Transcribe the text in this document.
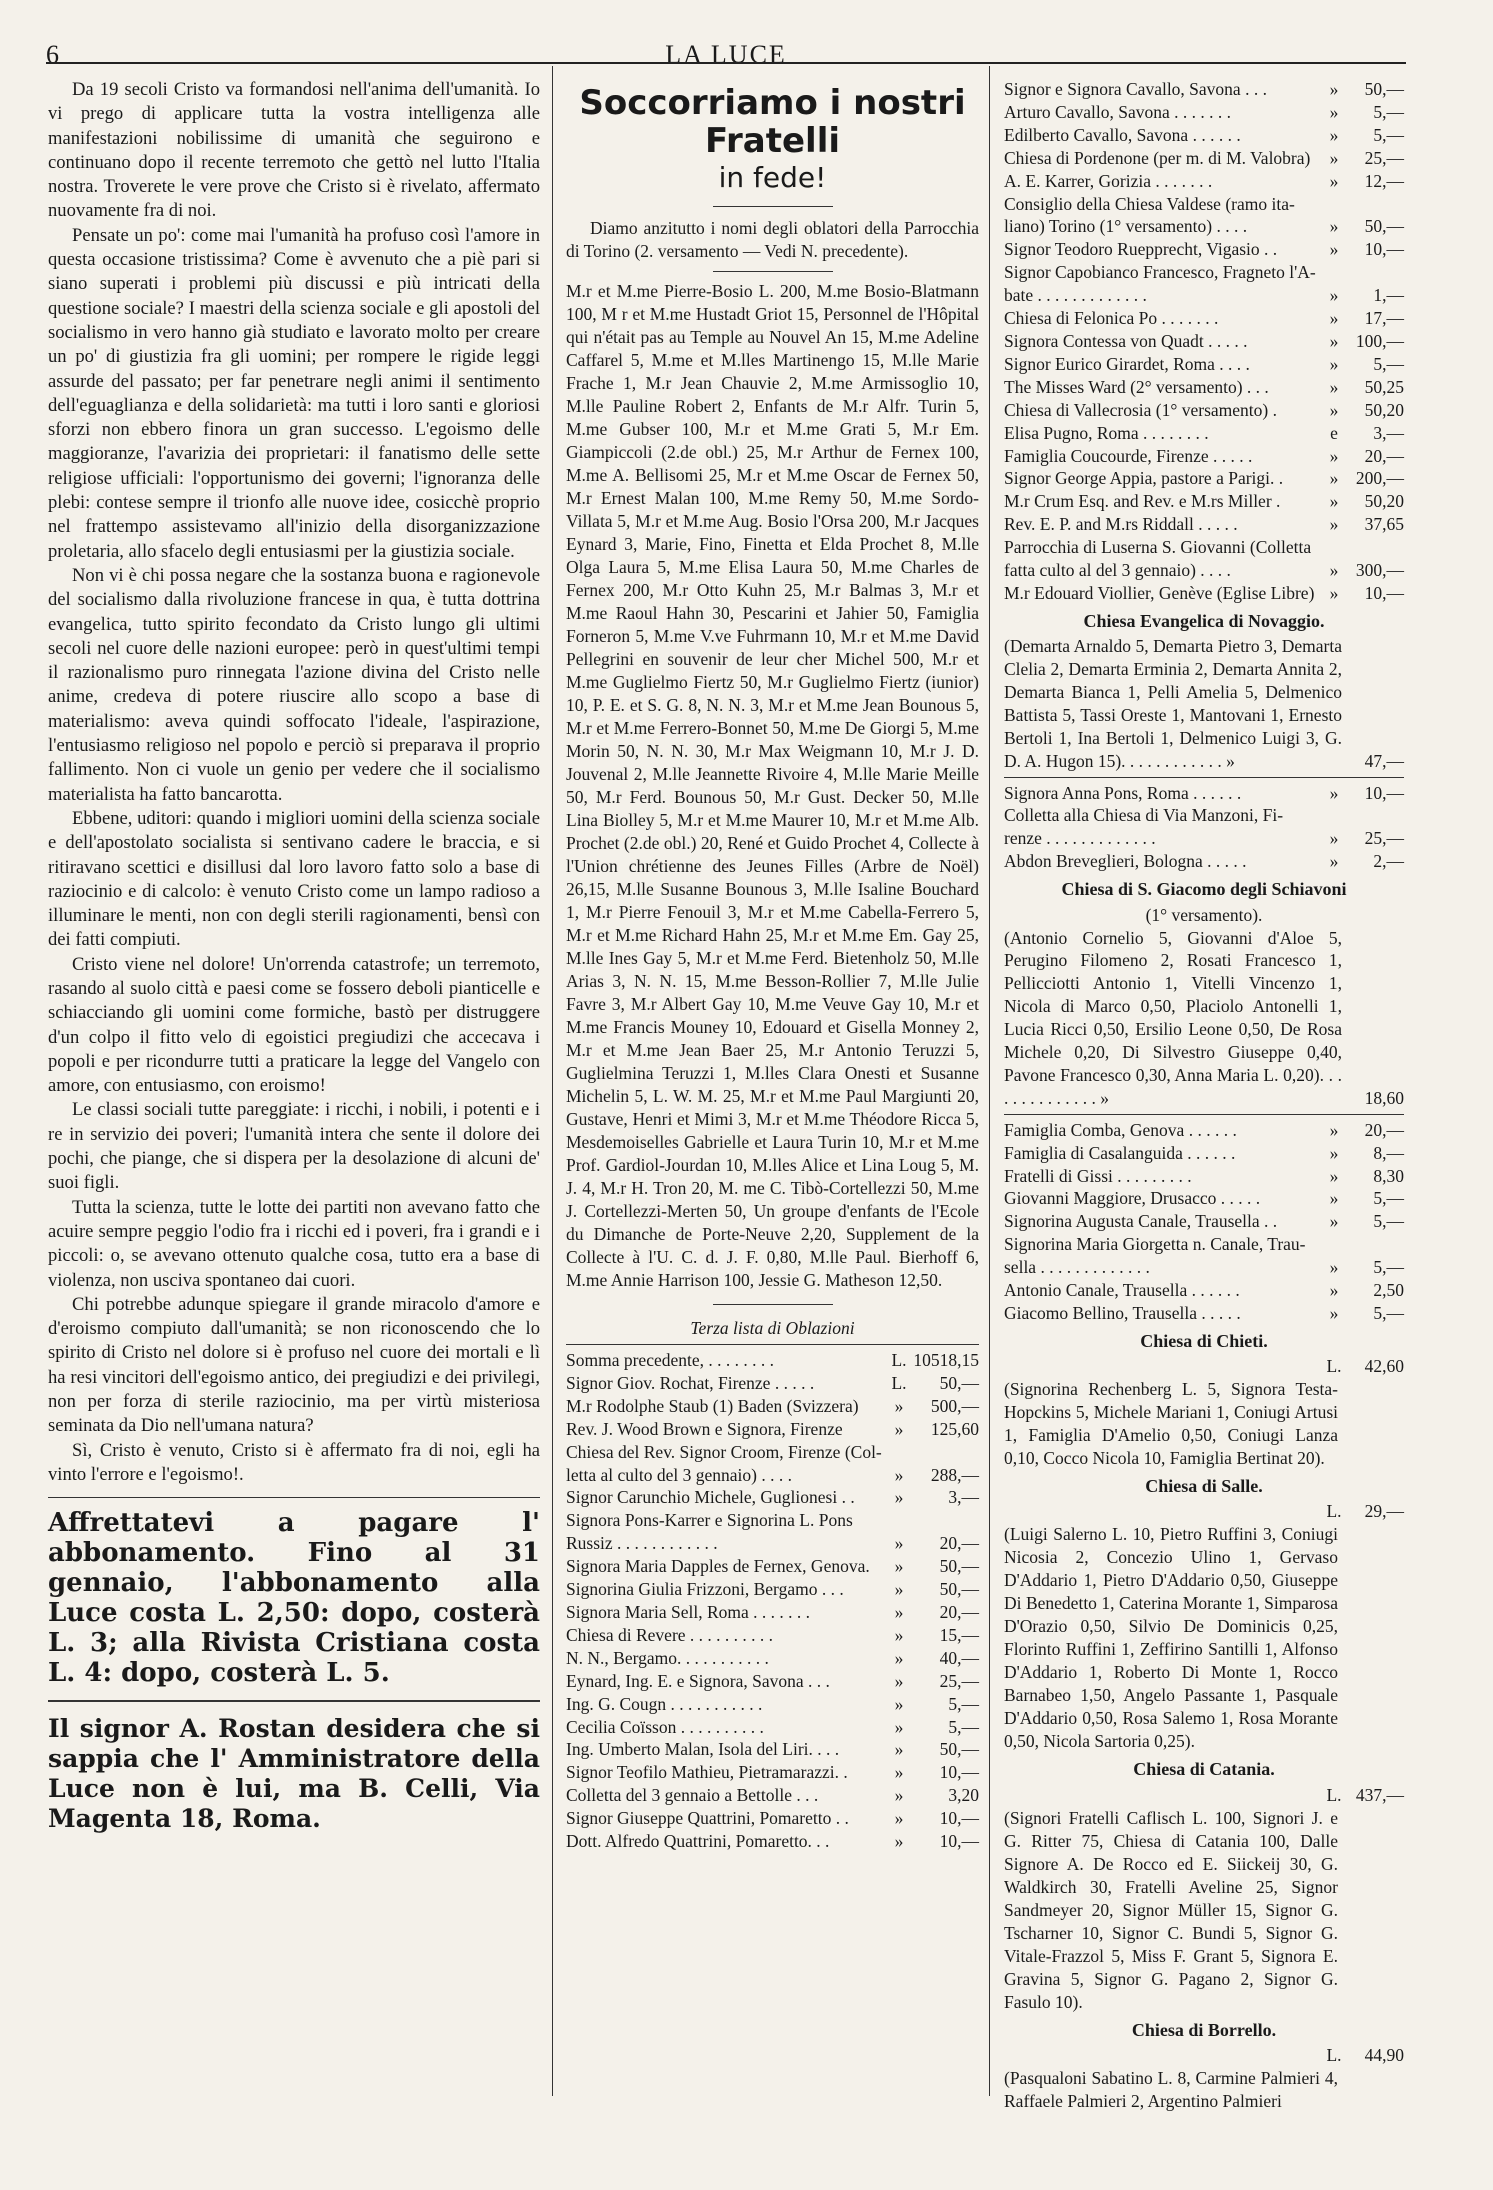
6	LA LUCE

Da 19 secoli Cristo va formandosi nell'anima dell'umanità. Io vi prego di applicare tutta la vostra intelligenza alle manifestazioni nobilissime di umanità che seguirono e continuano dopo il recente terremoto che gettò nel lutto l'Italia nostra. Troverete le vere prove che Cristo si è rivelato, affermato nuovamente fra di noi.

Pensate un po': come mai l'umanità ha profuso così l'amore in questa occasione tristissima? Come è avvenuto che a piè pari si siano superati i problemi più discussi e più intricati della questione sociale? I maestri della scienza sociale e gli apostoli del socialismo in vero hanno già studiato e lavorato molto per creare un po' di giustizia fra gli uomini; per rompere le rigide leggi assurde del passato; per far penetrare negli animi il sentimento dell'eguaglianza e della solidarietà: ma tutti i loro santi e gloriosi sforzi non ebbero finora un gran successo. L'egoismo delle maggioranze, l'avarizia dei proprietari: il fanatismo delle sette religiose ufficiali: l'opportunismo dei governi; l'ignoranza delle plebi: contese sempre il trionfo alle nuove idee, cosicchè proprio nel frattempo assistevamo all'inizio della disorganizzazione proletaria, allo sfacelo degli entusiasmi per la giustizia sociale.

Non vi è chi possa negare che la sostanza buona e ragionevole del socialismo dalla rivoluzione francese in qua, è tutta dottrina evangelica, tutto spirito fecondato da Cristo lungo gli ultimi secoli nel cuore delle nazioni europee: però in quest'ultimi tempi il razionalismo puro rinnegata l'azione divina del Cristo nelle anime, credeva di potere riuscire allo scopo a base di materialismo: aveva quindi soffocato l'ideale, l'aspirazione, l'entusiasmo religioso nel popolo e perciò si preparava il proprio fallimento. Non ci vuole un genio per vedere che il socialismo materialista ha fatto bancarotta.

Ebbene, uditori: quando i migliori uomini della scienza sociale e dell'apostolato socialista si sentivano cadere le braccia, e si ritiravano scettici e disillusi dal loro lavoro fatto solo a base di raziocinio e di calcolo: è venuto Cristo come un lampo radioso a illuminare le menti, non con degli sterili ragionamenti, bensì con dei fatti compiuti.

Cristo viene nel dolore! Un'orrenda catastrofe; un terremoto, rasando al suolo città e paesi come se fossero deboli pianticelle e schiacciando gli uomini come formiche, bastò per distruggere d'un colpo il fitto velo di egoistici pregiudizi che accecava i popoli e per ricondurre tutti a praticare la legge del Vangelo con amore, con entusiasmo, con eroismo!

Le classi sociali tutte pareggiate: i ricchi, i nobili, i potenti e i re in servizio dei poveri; l'umanità intera che sente il dolore dei pochi, che piange, che si dispera per la desolazione di alcuni de' suoi figli.

Tutta la scienza, tutte le lotte dei partiti non avevano fatto che acuire sempre peggio l'odio fra i ricchi ed i poveri, fra i grandi e i piccoli: o, se avevano ottenuto qualche cosa, tutto era a base di violenza, non usciva spontaneo dai cuori.

Chi potrebbe adunque spiegare il grande miracolo d'amore e d'eroismo compiuto dall'umanità; se non riconoscendo che lo spirito di Cristo nel dolore si è profuso nel cuore dei mortali e lì ha resi vincitori dell'egoismo antico, dei pregiudizi e dei privilegi, non per forza di sterile raziocinio, ma per virtù misteriosa seminata da Dio nell'umana natura?

Sì, Cristo è venuto, Cristo si è affermato fra di noi, egli ha vinto l'errore e l'egoismo!.

Affrettatevi a pagare l' abbonamento. Fino al 31 gennaio, l'abbonamento alla Luce costa L. 2,50: dopo, costerà L. 3; alla Rivista Cristiana costa L. 4: dopo, costerà L. 5.
Il signor A. Rostan desidera che si sappia che l' Amministratore della Luce non è lui, ma B. Celli, Via Magenta 18, Roma.
Soccorriamo i nostri Fratelli
in fede!

Diamo anzitutto i nomi degli oblatori della Parrocchia di Torino (2. versamento — Vedi N. precedente).

M.r et M.me Pierre-Bosio L. 200, M.me Bosio-Blatmann 100, M r et M.me Hustadt Griot 15, Personnel de l'Hôpital qui n'était pas au Temple au Nouvel An 15, M.me Adeline Caffarel 5, M.me et M.lles Martinengo 15, M.lle Marie Frache 1, M.r Jean Chauvie 2, M.me Armissoglio 10, M.lle Pauline Robert 2, Enfants de M.r Alfr. Turin 5, M.me Gubser 100, M.r et M.me Grati 5, M.r Em. Giampiccoli (2.de obl.) 25, M.r Arthur de Fernex 100, M.me A. Bellisomi 25, M.r et M.me Oscar de Fernex 50, M.r Ernest Malan 100, M.me Remy 50, M.me Sordo-Villata 5, M.r et M.me Aug. Bosio l'Orsa 200, M.r Jacques Eynard 3, Marie, Fino, Finetta et Elda Prochet 8, M.lle Olga Laura 5, M.me Elisa Laura 50, M.me Charles de Fernex 200, M.r Otto Kuhn 25, M.r Balmas 3, M.r et M.me Raoul Hahn 30, Pescarini et Jahier 50, Famiglia Forneron 5, M.me V.ve Fuhrmann 10, M.r et M.me David Pellegrini en souvenir de leur cher Michel 500, M.r et M.me Guglielmo Fiertz 50, M.r Guglielmo Fiertz (iunior) 10, P. E. et S. G. 8, N. N. 3, M.r et M.me Jean Bounous 5, M.r et M.me Ferrero-Bonnet 50, M.me De Giorgi 5, M.me Morin 50, N. N. 30, M.r Max Weigmann 10, M.r J. D. Jouvenal 2, M.lle Jeannette Rivoire 4, M.lle Marie Meille 50, M.r Ferd. Bounous 50, M.r Gust. Decker 50, M.lle Lina Biolley 5, M.r et M.me Maurer 10, M.r et M.me Alb. Prochet (2.de obl.) 20, René et Guido Prochet 4, Collecte à l'Union chrétienne des Jeunes Filles (Arbre de Noël) 26,15, M.lle Susanne Bounous 3, M.lle Isaline Bouchard 1, M.r Pierre Fenouil 3, M.r et M.me Cabella-Ferrero 5, M.r et M.me Richard Hahn 25, M.r et M.me Em. Gay 25, M.lle Ines Gay 5, M.r et M.me Ferd. Bietenholz 50, M.lle Arias 3, N. N. 15, M.me Besson-Rollier 7, M.lle Julie Favre 3, M.r Albert Gay 10, M.me Veuve Gay 10, M.r et M.me Francis Mouney 10, Edouard et Gisella Monney 2, M.r et M.me Jean Baer 25, M.r Antonio Teruzzi 5, Guglielmina Teruzzi 1, M.lles Clara Onesti et Susanne Michelin 5, L. W. M. 25, M.r et M.me Paul Margiunti 20, Gustave, Henri et Mimi 3, M.r et M.me Théodore Ricca 5, Mesdemoiselles Gabrielle et Laura Turin 10, M.r et M.me Prof. Gardiol-Jourdan 10, M.lles Alice et Lina Loug 5, M. J. 4, M.r H. Tron 20, M. me C. Tibò-Cortellezzi 50, M.me J. Cortellezzi-Merten 50, Un groupe d'enfants de l'Ecole du Dimanche de Porte-Neuve 2,20, Supplement de la Collecte à l'U. C. d. J. F. 0,80, M.lle Paul. Bierhoff 6, M.me Annie Harrison 100, Jessie G. Matheson 12,50.

Terza lista di Oblazioni
Somma precedente, . . . . . . . .	L. 10518,15
Signor Giov. Rochat, Firenze . . . . .	L.	50,—
M.r Rodolphe Staub (1) Baden (Svizzera)	»	500,—
Rev. J. Wood Brown e Signora, Firenze	»	125,60
Chiesa del Rev. Signor Croom, Firenze (Col-
letta al culto del 3 gennaio) . . . .	»	288,—
Signor Carunchio Michele, Guglionesi . .	»	3,—
Signora Pons-Karrer e Signorina L. Pons
Russiz . . . . . . . . . . . .	»	20,—
Signora Maria Dapples de Fernex, Genova.	»	50,—
Signorina Giulia Frizzoni, Bergamo . . .	»	50,—
Signora Maria Sell, Roma . . . . . . .	»	20,—
Chiesa di Revere . . . . . . . . . .	»	15,—
N. N., Bergamo. . . . . . . . . . .	»	40,—
Eynard, Ing. E. e Signora, Savona . . .	»	25,—
Ing. G. Cougn . . . . . . . . . . .	»	5,—
Cecilia Coïsson . . . . . . . . . .	»	5,—
Ing. Umberto Malan, Isola del Liri. . . .	»	50,—
Signor Teofilo Mathieu, Pietramarazzi. .	»	10,—
Colletta del 3 gennaio a Bettolle . . .	»	3,20
Signor Giuseppe Quattrini, Pomaretto . .	»	10,—
Dott. Alfredo Quattrini, Pomaretto. . .	»	10,—
Signor e Signora Cavallo, Savona . . .	»	50,—
Arturo Cavallo, Savona . . . . . . .	»	5,—
Edilberto Cavallo, Savona . . . . . .	»	5,—
Chiesa di Pordenone (per m. di M. Valobra)	»	25,—
A. E. Karrer, Gorizia . . . . . . .	»	12,—
Consiglio della Chiesa Valdese (ramo ita-
liano) Torino (1° versamento) . . . .	»	50,—
Signor Teodoro Ruepprecht, Vigasio . .	»	10,—
Signor Capobianco Francesco, Fragneto l'A-
bate . . . . . . . . . . . . .	»	1,—
Chiesa di Felonica Po . . . . . . .	»	17,—
Signora Contessa von Quadt . . . . .	»	100,—
Signor Eurico Girardet, Roma . . . .	»	5,—
The Misses Ward (2° versamento) . . .	»	50,25
Chiesa di Vallecrosia (1° versamento) .	»	50,20
Elisa Pugno, Roma . . . . . . . .	e	3,—
Famiglia Coucourde, Firenze . . . . .	»	20,—
Signor George Appia, pastore a Parigi. .	»	200,—
M.r Crum Esq. and Rev. e M.rs Miller .	»	50,20
Rev. E. P. and M.rs Riddall . . . . .	»	37,65
Parrocchia di Luserna S. Giovanni (Colletta
fatta culto al del 3 gennaio) . . . .	»	300,—
M.r Edouard Viollier, Genève (Eglise Libre) »	10,—
Chiesa Evangelica di Novaggio.
(Demarta Arnaldo 5, Demarta Pietro 3, Demarta Clelia 2, Demarta Erminia 2, Demarta Annita 2, Demarta Bianca 1, Pelli Amelia 5, Delmenico Battista 5, Tassi Oreste 1, Mantovani 1, Ernesto Bertoli 1, Ina Bertoli 1, Delmenico Luigi 3, G. D. A. Hugon 15). . . . . . . . . . . . »	47,—
Signora Anna Pons, Roma . . . . . .	»	10,—
Colletta alla Chiesa di Via Manzoni, Fi-
renze . . . . . . . . . . . . .	»	25,—
Abdon Breveglieri, Bologna . . . . .	»	2,—
Chiesa di S. Giacomo degli Schiavoni
(1° versamento).
(Antonio Cornelio 5, Giovanni d'Aloe 5, Perugino Filomeno 2, Rosati Francesco 1, Pellicciotti Antonio 1, Vitelli Vincenzo 1, Nicola di Marco 0,50, Placiolo Antonelli 1, Lucia Ricci 0,50, Ersilio Leone 0,50, De Rosa Michele 0,20, Di Silvestro Giuseppe 0,40, Pavone Francesco 0,30, Anna Maria L. 0,20). . . . . . . . . . . . . . »	18,60
Famiglia Comba, Genova . . . . . .	»	20,—
Famiglia di Casalanguida . . . . . .	»	8,—
Fratelli di Gissi . . . . . . . . .	»	8,30
Giovanni Maggiore, Drusacco . . . . .	»	5,—
Signorina Augusta Canale, Trausella . .	»	5,—
Signorina Maria Giorgetta n. Canale, Trau-
sella . . . . . . . . . . . . .	»	5,—
Antonio Canale, Trausella . . . . . .	»	2,50
Giacomo Bellino, Trausella . . . . .	»	5,—
Chiesa di Chieti.
L.	42,60
(Signorina Rechenberg L. 5, Signora Testa-Hopckins 5, Michele Mariani 1, Coniugi Artusi 1, Famiglia D'Amelio 0,50, Coniugi Lanza 0,10, Cocco Nicola 10, Famiglia Bertinat 20).
Chiesa di Salle.
L.	29,—
(Luigi Salerno L. 10, Pietro Ruffini 3, Coniugi Nicosia 2, Concezio Ulino 1, Gervaso D'Addario 1, Pietro D'Addario 0,50, Giuseppe Di Benedetto 1, Caterina Morante 1, Simparosa D'Orazio 0,50, Silvio De Dominicis 0,25, Florinto Ruffini 1, Zeffirino Santilli 1, Alfonso D'Addario 1, Roberto Di Monte 1, Rocco Barnabeo 1,50, Angelo Passante 1, Pasquale D'Addario 0,50, Rosa Salemo 1, Rosa Morante 0,50, Nicola Sartoria 0,25).
Chiesa di Catania.
L. 437,—
(Signori Fratelli Caflisch L. 100, Signori J. e G. Ritter 75, Chiesa di Catania 100, Dalle Signore A. De Rocco ed E. Siickeij 30, G. Waldkirch 30, Fratelli Aveline 25, Signor Sandmeyer 20, Signor Müller 15, Signor G. Tscharner 10, Signor C. Bundi 5, Signor G. Vitale-Frazzol 5, Miss F. Grant 5, Signora E. Gravina 5, Signor G. Pagano 2, Signor G. Fasulo 10).
Chiesa di Borrello.
L.	44,90
(Pasqualoni Sabatino L. 8, Carmine Palmieri 4, Raffaele Palmieri 2, Argentino Palmieri
